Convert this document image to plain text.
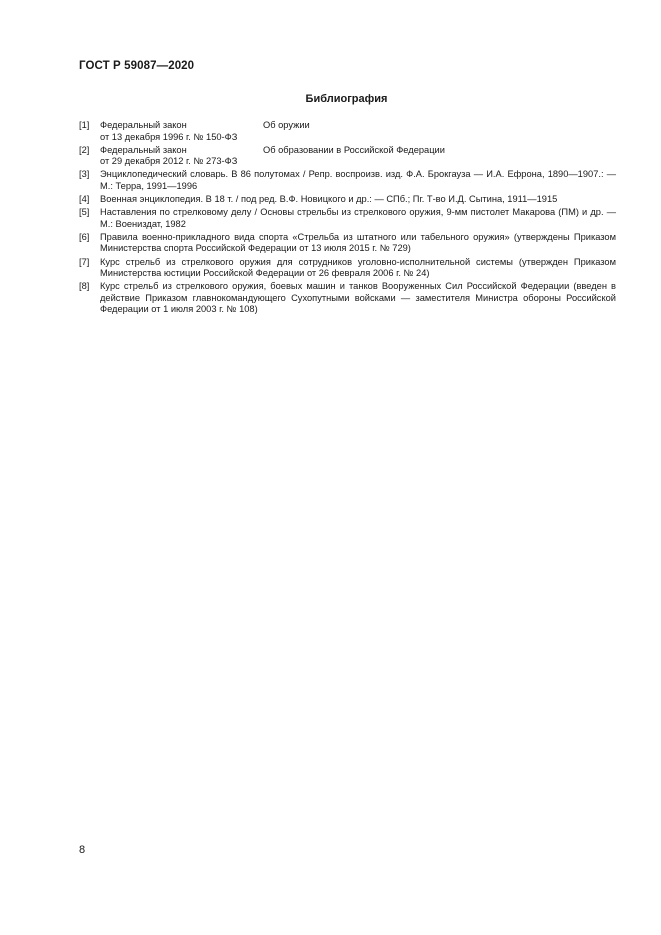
ГОСТ Р 59087—2020
Библиография
[1]	Федеральный закон	Об оружии
от 13 декабря 1996 г. № 150-ФЗ
[2]	Федеральный закон	Об образовании в Российской Федерации
от 29 декабря 2012 г. № 273-ФЗ
[3]	Энциклопедический словарь. В 86 полутомах / Репр. воспроизв. изд. Ф.А. Брокгауза — И.А. Ефрона, 1890—1907.: — М.: Терра, 1991—1996
[4]	Военная энциклопедия. В 18 т. / под ред. В.Ф. Новицкого и др.: — СПб.; Пг. Т-во И.Д. Сытина, 1911—1915
[5]	Наставления по стрелковому делу / Основы стрельбы из стрелкового оружия, 9-мм пистолет Макарова (ПМ) и др. — М.: Воениздат, 1982
[6]	Правила военно-прикладного вида спорта «Стрельба из штатного или табельного оружия» (утверждены Приказом Министерства спорта Российской Федерации от 13 июля 2015 г. № 729)
[7]	Курс стрельб из стрелкового оружия для сотрудников уголовно-исполнительной системы (утвержден Приказом Министерства юстиции Российской Федерации от 26 февраля 2006 г. № 24)
[8]	Курс стрельб из стрелкового оружия, боевых машин и танков Вооруженных Сил Российской Федерации (введен в действие Приказом главнокомандующего Сухопутными войсками — заместителя Министра обороны Российской Федерации от 1 июля 2003 г. № 108)
8
